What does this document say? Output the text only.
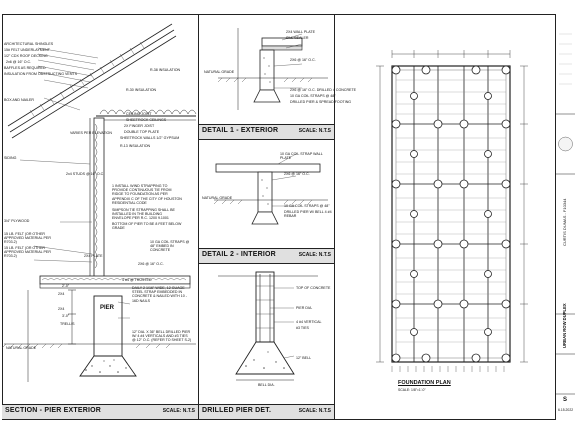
ARCHITECTURAL SHINGLES
15# FELT UNDERLAYMENT
1/2" CDX ROOF DECKING
2x6 @ 16" O.C.
BAFFLES AS REQUIRED
INSULATION FROM OBSTRUCTING VENTS
BOX AND NAILER
SIDING
VARIES PER ELEVATION
2x4 STUDS @ 16" O.C.
3/4" PLYWOOD
15 LB. FELT (OR OTHER APPROVED MATERIAL PER R703.2)
15 LB. FELT (OR OTHER APPROVED MATERIAL PER R703.2)
2X4
2X4
TRELLIS
NATURAL GRADE
2X4 PLATE
R-13 INSULATION
SHEETROCK WALLS 1/2" GYPSUM
CEILING JOIST
SHEETROCK CEILINGS
2X FINGER JOIST
DOUBLE TOP PLATE
1 INSTALL WIND STRAPPING TO PROVIDE CONTINUOUS TIE FROM RIDGE TO FOUNDATION AS PER APPENDIX C OF THE CITY OF HOUSTON RESIDENTIAL CODE
SIMPSON TIE STRAPPING SHALL BE INSTALLED IN THE BUILDING ENVELOPE PER R.C. 1200 9.1001
BOTTOM OF PIER TO BE 8 FEET BELOW GRADE
2X6 @ 16" O.C.
10 GA COIL STRAPS @ 48" EMBED IN CONCRETE
DAILY 2 1/16" WIDE, 12 GUAGE STEEL STRAP EMBEDDED IN CONCRETE & NAILED WITH 10 - 16D NAILS
12" DIA. X 36" BELL DRILLED PIER W/ 4 #4 VERTICALS AND #3 TIES @ 12" O.C. (REFER TO SHEET S-2)
4 #4 @ TRUSTED
R-30 INSULATION
R-38 INSULATION
PIER
2'-0"
3'-0"
SECTION - PIER EXTERIOR	SCALE: N.T.S
2X4 WALL PLATE
SILL SEALER
2X6 @ 16" O.C.
NATURAL GRADE
2X6 @ 16" O.C. DRILLED 4 CONCRETE
10 GA COIL STRAPS @ 48"
DRILLED PIER & SPREAD FOOTING
DETAIL 1 - EXTERIOR	SCALE: N.T.S
10 GA COIL STRAP WALL PLATE
2X6 @ 16" O.C.
NATURAL GRADE
10 GA COIL STRAPS @ 48"
DRILLED PIER W/ BELL 4 #4 REBAR
DETAIL 2 - INTERIOR	SCALE: N.T.S
TOP OF CONCRETE
PIER DIA.
4 #4 VERTICAL
#3 TIES
BELL DIA.
12" BELL
DRILLED PIER DET.	SCALE: N.T.S
FOUNDATION PLAN
SCALE: 1/8"=1'-0"
CURTIS DUMAS - F10344
URBAN ROW DUPLEX
6.15.2022
S
